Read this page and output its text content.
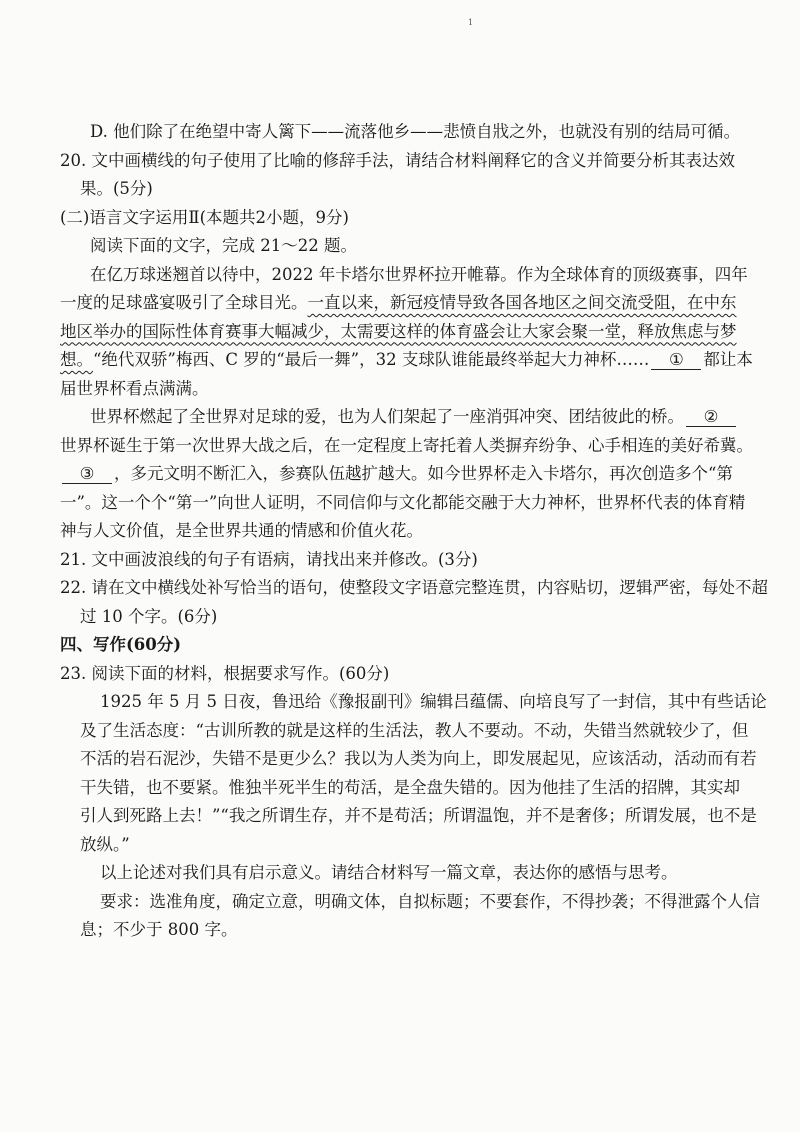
1
D. 他们除了在绝望中寄人篱下——流落他乡——悲愤自戕之外，也就没有别的结局可循。
20. 文中画横线的句子使用了比喻的修辞手法，请结合材料阐释它的含义并简要分析其表达效
果。(5分)
(二)语言文字运用Ⅱ(本题共2小题，9分)
阅读下面的文字，完成 21～22 题。
在亿万球迷翘首以待中，2022 年卡塔尔世界杯拉开帷幕。作为全球体育的顶级赛事，四年
一度的足球盛宴吸引了全球目光。一直以来，新冠疫情导致各国各地区之间交流受阻，在中东
地区举办的国际性体育赛事大幅减少，太需要这样的体育盛会让大家会聚一堂，释放焦虑与梦
想。“绝代双骄”梅西、C 罗的“最后一舞”，32 支球队谁能最终举起大力神杯…… ① 都让本
届世界杯看点满满。
世界杯燃起了全世界对足球的爱，也为人们架起了一座消弭冲突、团结彼此的桥。 ②
世界杯诞生于第一次世界大战之后，在一定程度上寄托着人类摒弃纷争、心手相连的美好希冀。
③ ，多元文明不断汇入，参赛队伍越扩越大。如今世界杯走入卡塔尔，再次创造多个“第
一”。这一个个“第一”向世人证明，不同信仰与文化都能交融于大力神杯，世界杯代表的体育精
神与人文价值，是全世界共通的情感和价值火花。
21. 文中画波浪线的句子有语病，请找出来并修改。(3分)
22. 请在文中横线处补写恰当的语句，使整段文字语意完整连贯，内容贴切，逻辑严密，每处不超
过 10 个字。(6分)
四、写作(60分)
23. 阅读下面的材料，根据要求写作。(60分)
1925 年 5 月 5 日夜，鲁迅给《豫报副刊》编辑吕蕴儒、向培良写了一封信，其中有些话论
及了生活态度：“古训所教的就是这样的生活法，教人不要动。不动，失错当然就较少了，但
不活的岩石泥沙，失错不是更少么？我以为人类为向上，即发展起见，应该活动，活动而有若
干失错，也不要紧。惟独半死半生的苟活，是全盘失错的。因为他挂了生活的招牌，其实却
引人到死路上去！”“我之所谓生存，并不是苟活；所谓温饱，并不是奢侈；所谓发展，也不是
放纵。”
以上论述对我们具有启示意义。请结合材料写一篇文章，表达你的感悟与思考。
要求：选准角度，确定立意，明确文体，自拟标题；不要套作，不得抄袭；不得泄露个人信
息；不少于 800 字。
